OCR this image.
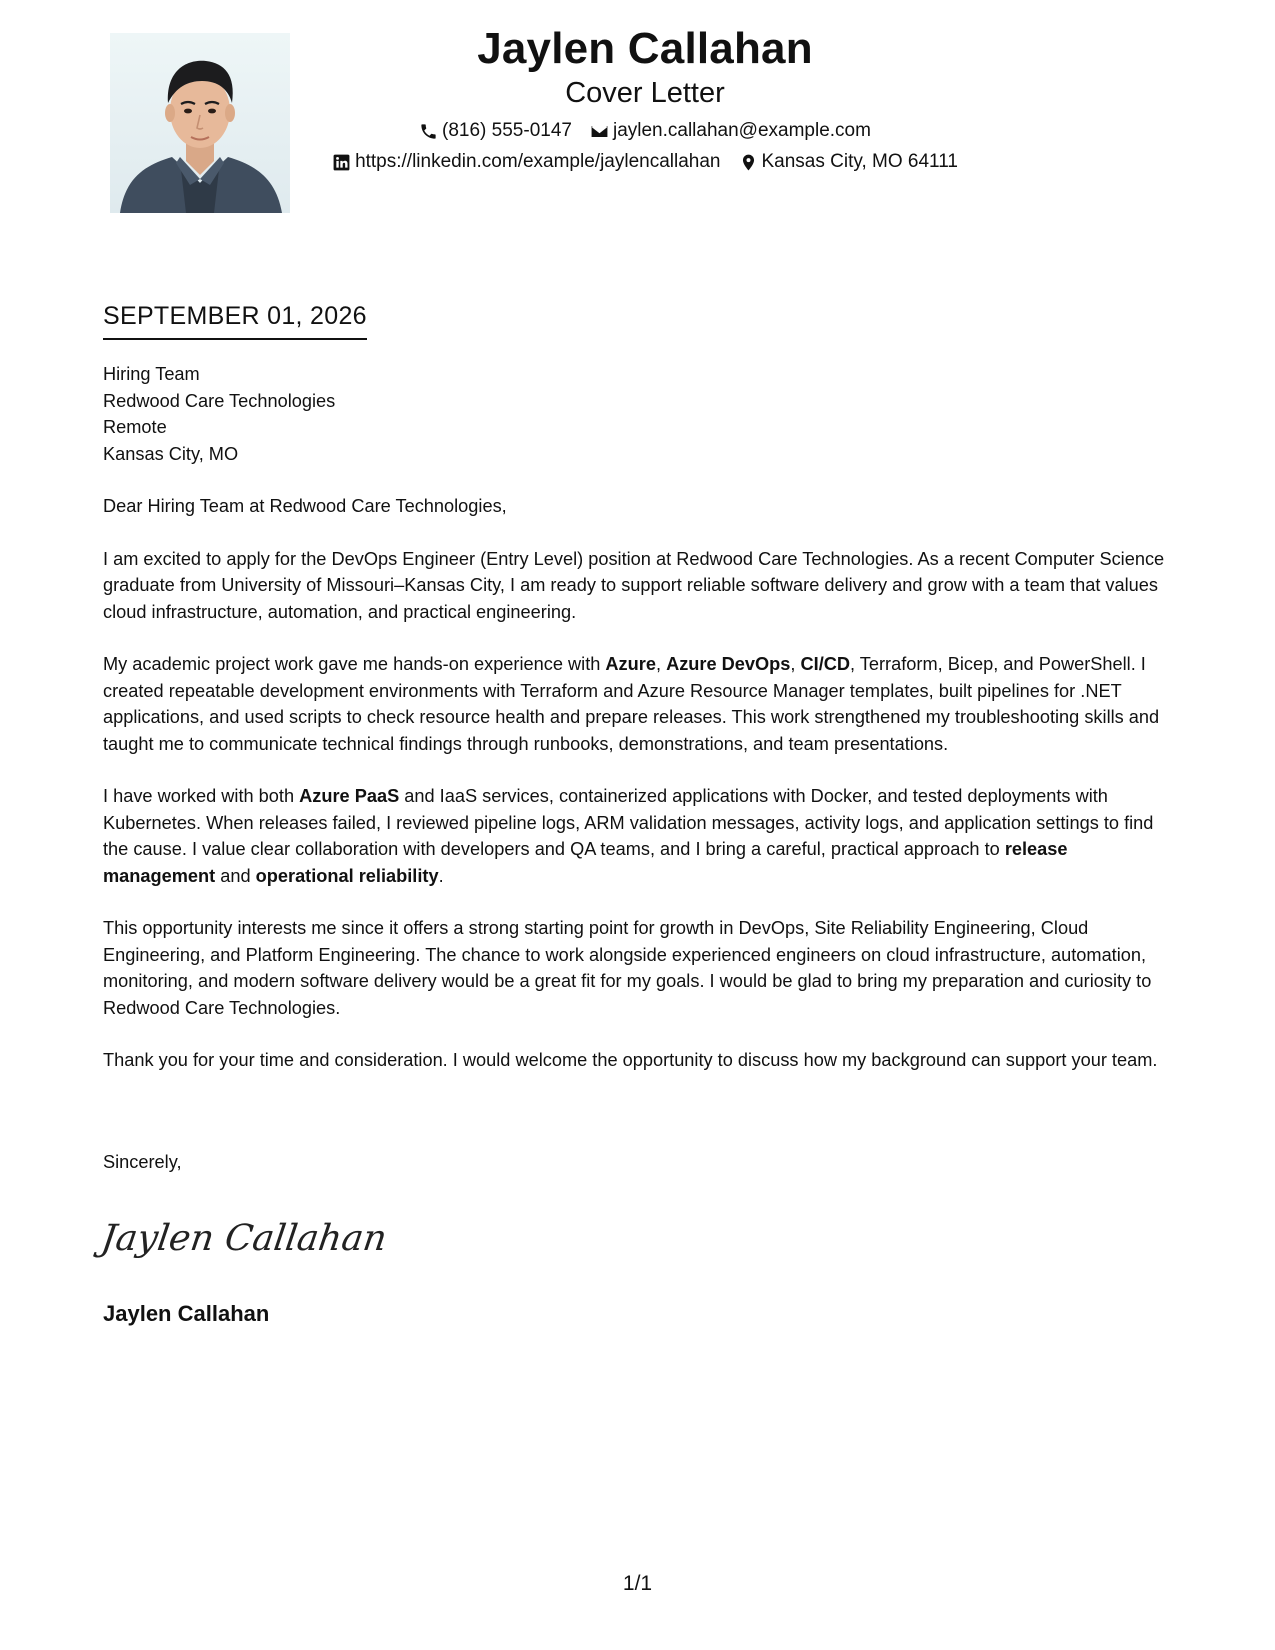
Jaylen Callahan
Cover Letter
(816) 555-0147 jaylen.callahan@example.com
https://linkedin.com/example/jaylencallahan Kansas City, MO 64111
SEPTEMBER 01, 2026
Hiring Team
Redwood Care Technologies
Remote
Kansas City, MO

Dear Hiring Team at Redwood Care Technologies,

I am excited to apply for the DevOps Engineer (Entry Level) position at Redwood Care Technologies. As a recent Computer Science graduate from University of Missouri–Kansas City, I am ready to support reliable software delivery and grow with a team that values cloud infrastructure, automation, and practical engineering.

My academic project work gave me hands-on experience with Azure, Azure DevOps, CI/CD, Terraform, Bicep, and PowerShell. I created repeatable development environments with Terraform and Azure Resource Manager templates, built pipelines for .NET applications, and used scripts to check resource health and prepare releases. This work strengthened my troubleshooting skills and taught me to communicate technical findings through runbooks, demonstrations, and team presentations.

I have worked with both Azure PaaS and IaaS services, containerized applications with Docker, and tested deployments with Kubernetes. When releases failed, I reviewed pipeline logs, ARM validation messages, activity logs, and application settings to find the cause. I value clear collaboration with developers and QA teams, and I bring a careful, practical approach to release management and operational reliability.

This opportunity interests me since it offers a strong starting point for growth in DevOps, Site Reliability Engineering, Cloud Engineering, and Platform Engineering. The chance to work alongside experienced engineers on cloud infrastructure, automation, monitoring, and modern software delivery would be a great fit for my goals. I would be glad to bring my preparation and curiosity to Redwood Care Technologies.

Thank you for your time and consideration. I would welcome the opportunity to discuss how my background can support your team.

Sincerely,
Jaylen Callahan
Jaylen Callahan
1/1
